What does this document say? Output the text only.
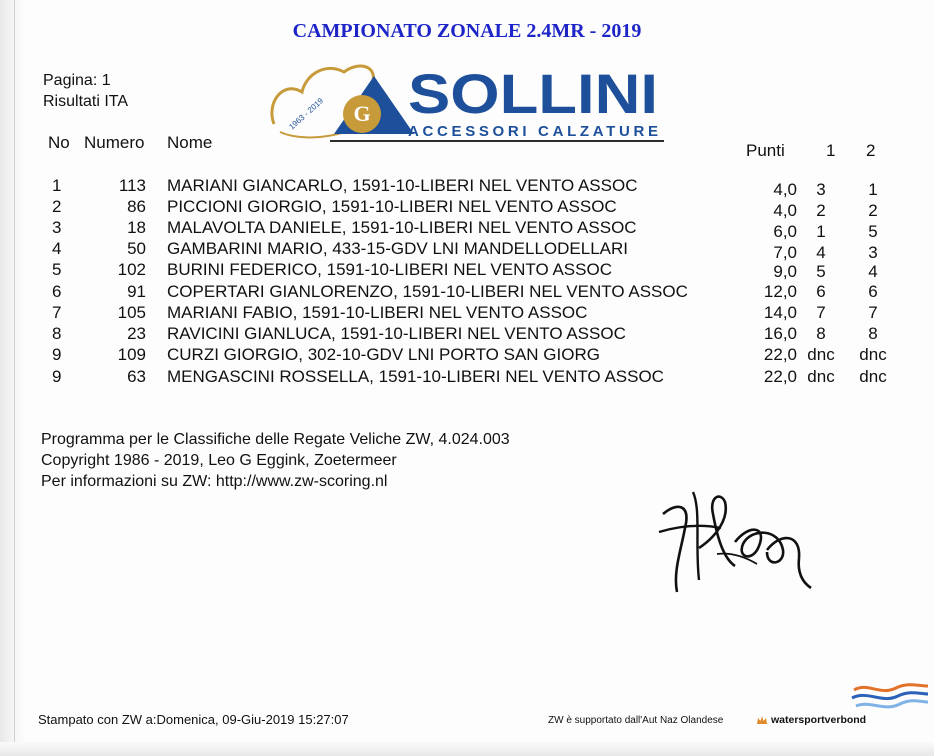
CAMPIONATO ZONALE 2.4MR - 2019
Pagina: 1
Risultati ITA	1963 - 2019 G SOLLINI
ACCESSORI CALZATURE
No Numero Nome	Punti 1 2
1	113 MARIANI GIANCARLO, 1591-10-LIBERI NEL VENTO ASSOC	4,0	3	1
2	86 PICCIONI GIORGIO, 1591-10-LIBERI NEL VENTO ASSOC	4,0	2	2
3	18 MALAVOLTA DANIELE, 1591-10-LIBERI NEL VENTO ASSOC	6,0	1	5
4	50 GAMBARINI MARIO, 433-15-GDV LNI MANDELLODELLARI	7,0	4	3
5	102 BURINI FEDERICO, 1591-10-LIBERI NEL VENTO ASSOC	9,0	5	4
6	91 COPERTARI GIANLORENZO, 1591-10-LIBERI NEL VENTO ASSOC	12,0	6	6
7	105 MARIANI FABIO, 1591-10-LIBERI NEL VENTO ASSOC	14,0	7	7
8	23 RAVICINI GIANLUCA, 1591-10-LIBERI NEL VENTO ASSOC	16,0	8	8
9	109 CURZI GIORGIO, 302-10-GDV LNI PORTO SAN GIORG	22,0 dnc	dnc
9	63 MENGASCINI ROSSELLA, 1591-10-LIBERI NEL VENTO ASSOC	22,0 dnc	dnc
Programma per le Classifiche delle Regate Veliche ZW, 4.024.003
Copyright 1986 - 2019, Leo G Eggink, Zoetermeer
Per informazioni su ZW: http://www.zw-scoring.nl
Stampato con ZW a:Domenica, 09-Giu-2019 15:27:07	ZW è supportato dall'Aut Naz Olandese	watersportverbond
